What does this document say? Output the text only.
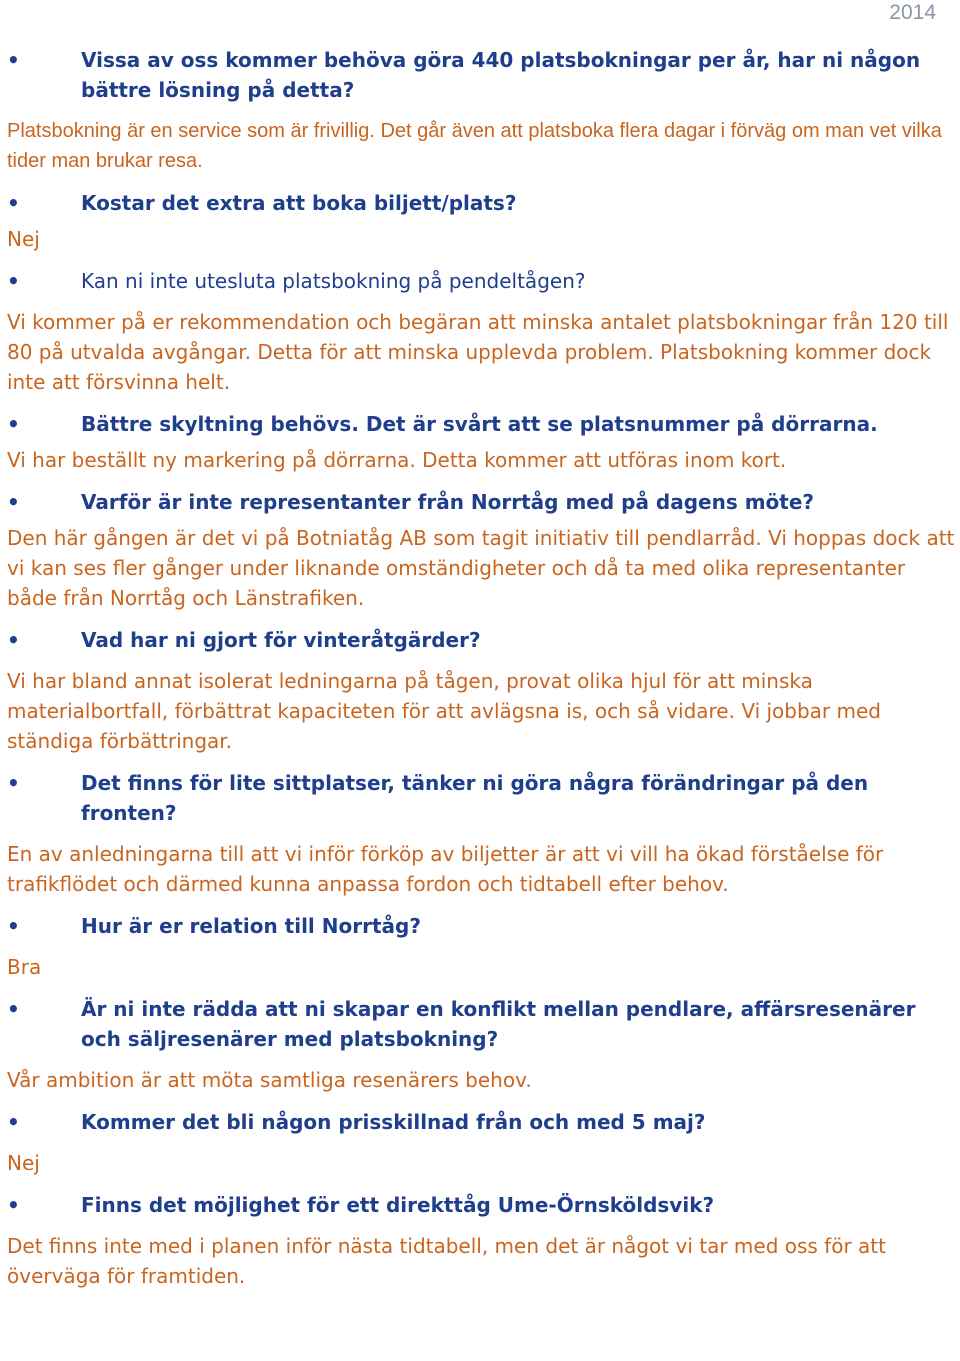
2014

•	Vissa av oss kommer behöva göra 440 platsbokningar per år, har ni någon bättre lösning på detta?

Platsbokning är en service som är frivillig. Det går även att platsboka flera dagar i förväg om man vet vilka tider man brukar resa.

•	Kostar det extra att boka biljett/plats?

Nej

•	Kan ni inte utesluta platsbokning på pendeltågen?

Vi kommer på er rekommendation och begäran att minska antalet platsbokningar från 120 till 80 på utvalda avgångar. Detta för att minska upplevda problem. Platsbokning kommer dock inte att försvinna helt.

•	Bättre skyltning behövs. Det är svårt att se platsnummer på dörrarna.

Vi har beställt ny markering på dörrarna. Detta kommer att utföras inom kort.

•	Varför är inte representanter från Norrtåg med på dagens möte?

Den här gången är det vi på Botniatåg AB som tagit initiativ till pendlarråd. Vi hoppas dock att vi kan ses fler gånger under liknande omständigheter och då ta med olika representanter både från Norrtåg och Länstrafiken.

•	Vad har ni gjort för vinteråtgärder?

Vi har bland annat isolerat ledningarna på tågen, provat olika hjul för att minska materialbortfall, förbättrat kapaciteten för att avlägsna is, och så vidare. Vi jobbar med ständiga förbättringar.

•	Det finns för lite sittplatser, tänker ni göra några förändringar på den fronten?

En av anledningarna till att vi inför förköp av biljetter är att vi vill ha ökad förståelse för trafikflödet och därmed kunna anpassa fordon och tidtabell efter behov.

•	Hur är er relation till Norrtåg?

Bra

•	Är ni inte rädda att ni skapar en konflikt mellan pendlare, affärsresenärer och säljresenärer med platsbokning?

Vår ambition är att möta samtliga resenärers behov.

•	Kommer det bli någon prisskillnad från och med 5 maj?

Nej

•	Finns det möjlighet för ett direkttåg Ume-Örnsköldsvik?

Det finns inte med i planen inför nästa tidtabell, men det är något vi tar med oss för att överväga för framtiden.
